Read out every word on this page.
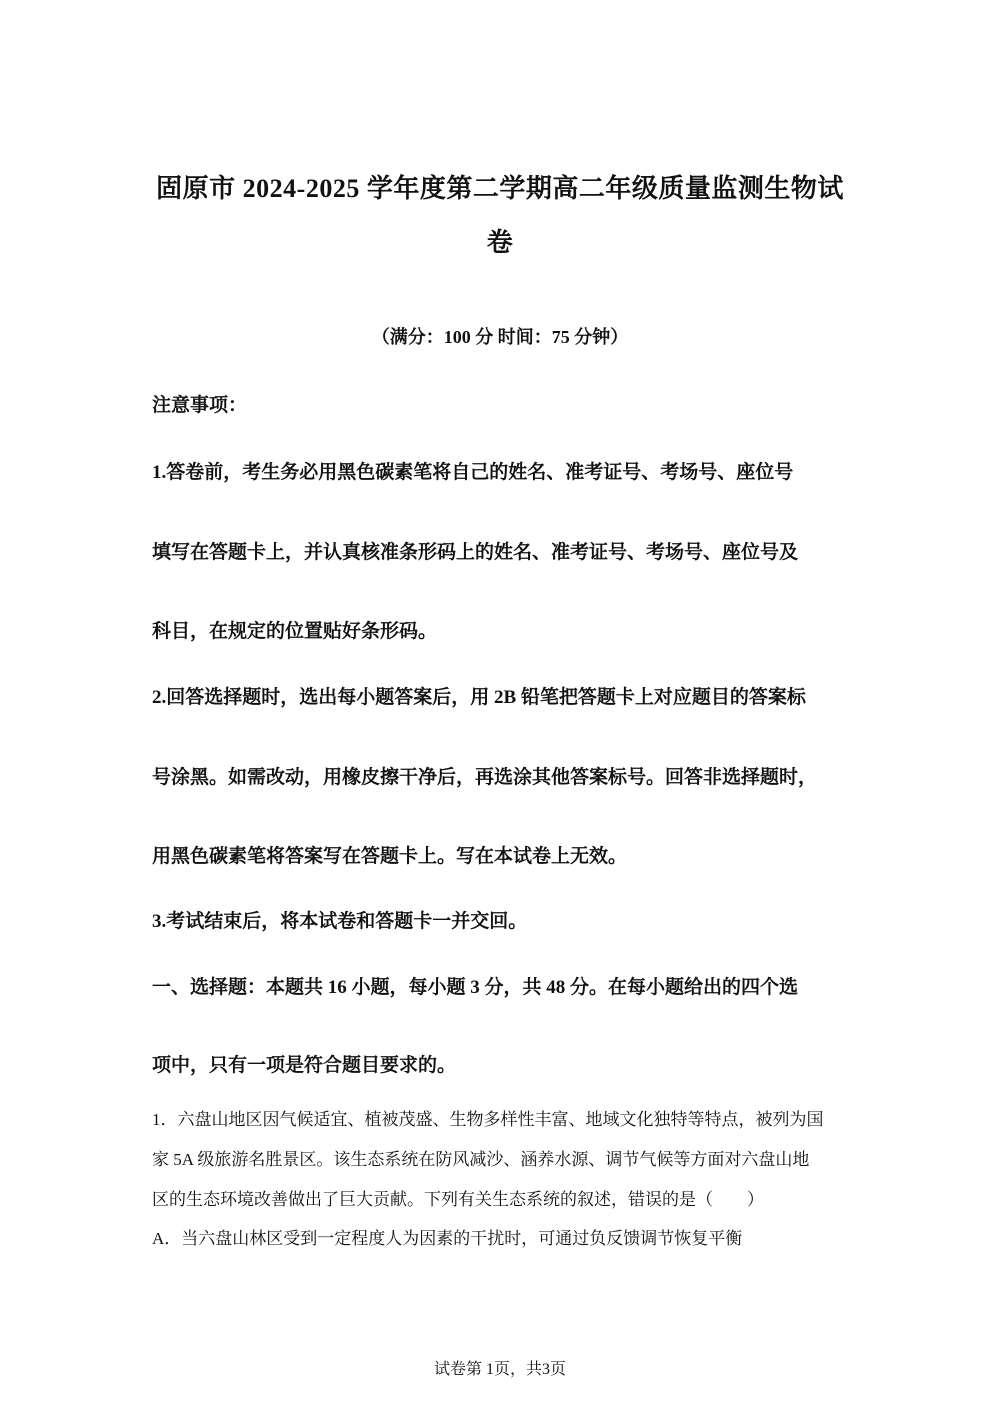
固原市 2024-2025 学年度第二学期高二年级质量监测生物试
卷
（满分：100 分 时间：75 分钟）
注意事项：
1.答卷前，考生务必用黑色碳素笔将自己的姓名、准考证号、考场号、座位号
填写在答题卡上，并认真核准条形码上的姓名、准考证号、考场号、座位号及
科目，在规定的位置贴好条形码。
2.回答选择题时，选出每小题答案后，用 2B 铅笔把答题卡上对应题目的答案标
号涂黑。如需改动，用橡皮擦干净后，再选涂其他答案标号。回答非选择题时，
用黑色碳素笔将答案写在答题卡上。写在本试卷上无效。
3.考试结束后，将本试卷和答题卡一并交回。
一、选择题：本题共 16 小题，每小题 3 分，共 48 分。在每小题给出的四个选
项中，只有一项是符合题目要求的。
1．六盘山地区因气候适宜、植被茂盛、生物多样性丰富、地域文化独特等特点，被列为国
家 5A 级旅游名胜景区。该生态系统在防风减沙、涵养水源、调节气候等方面对六盘山地
区的生态环境改善做出了巨大贡献。下列有关生态系统的叙述，错误的是（　　）
A．当六盘山林区受到一定程度人为因素的干扰时，可通过负反馈调节恢复平衡
试卷第 1页，共3页
